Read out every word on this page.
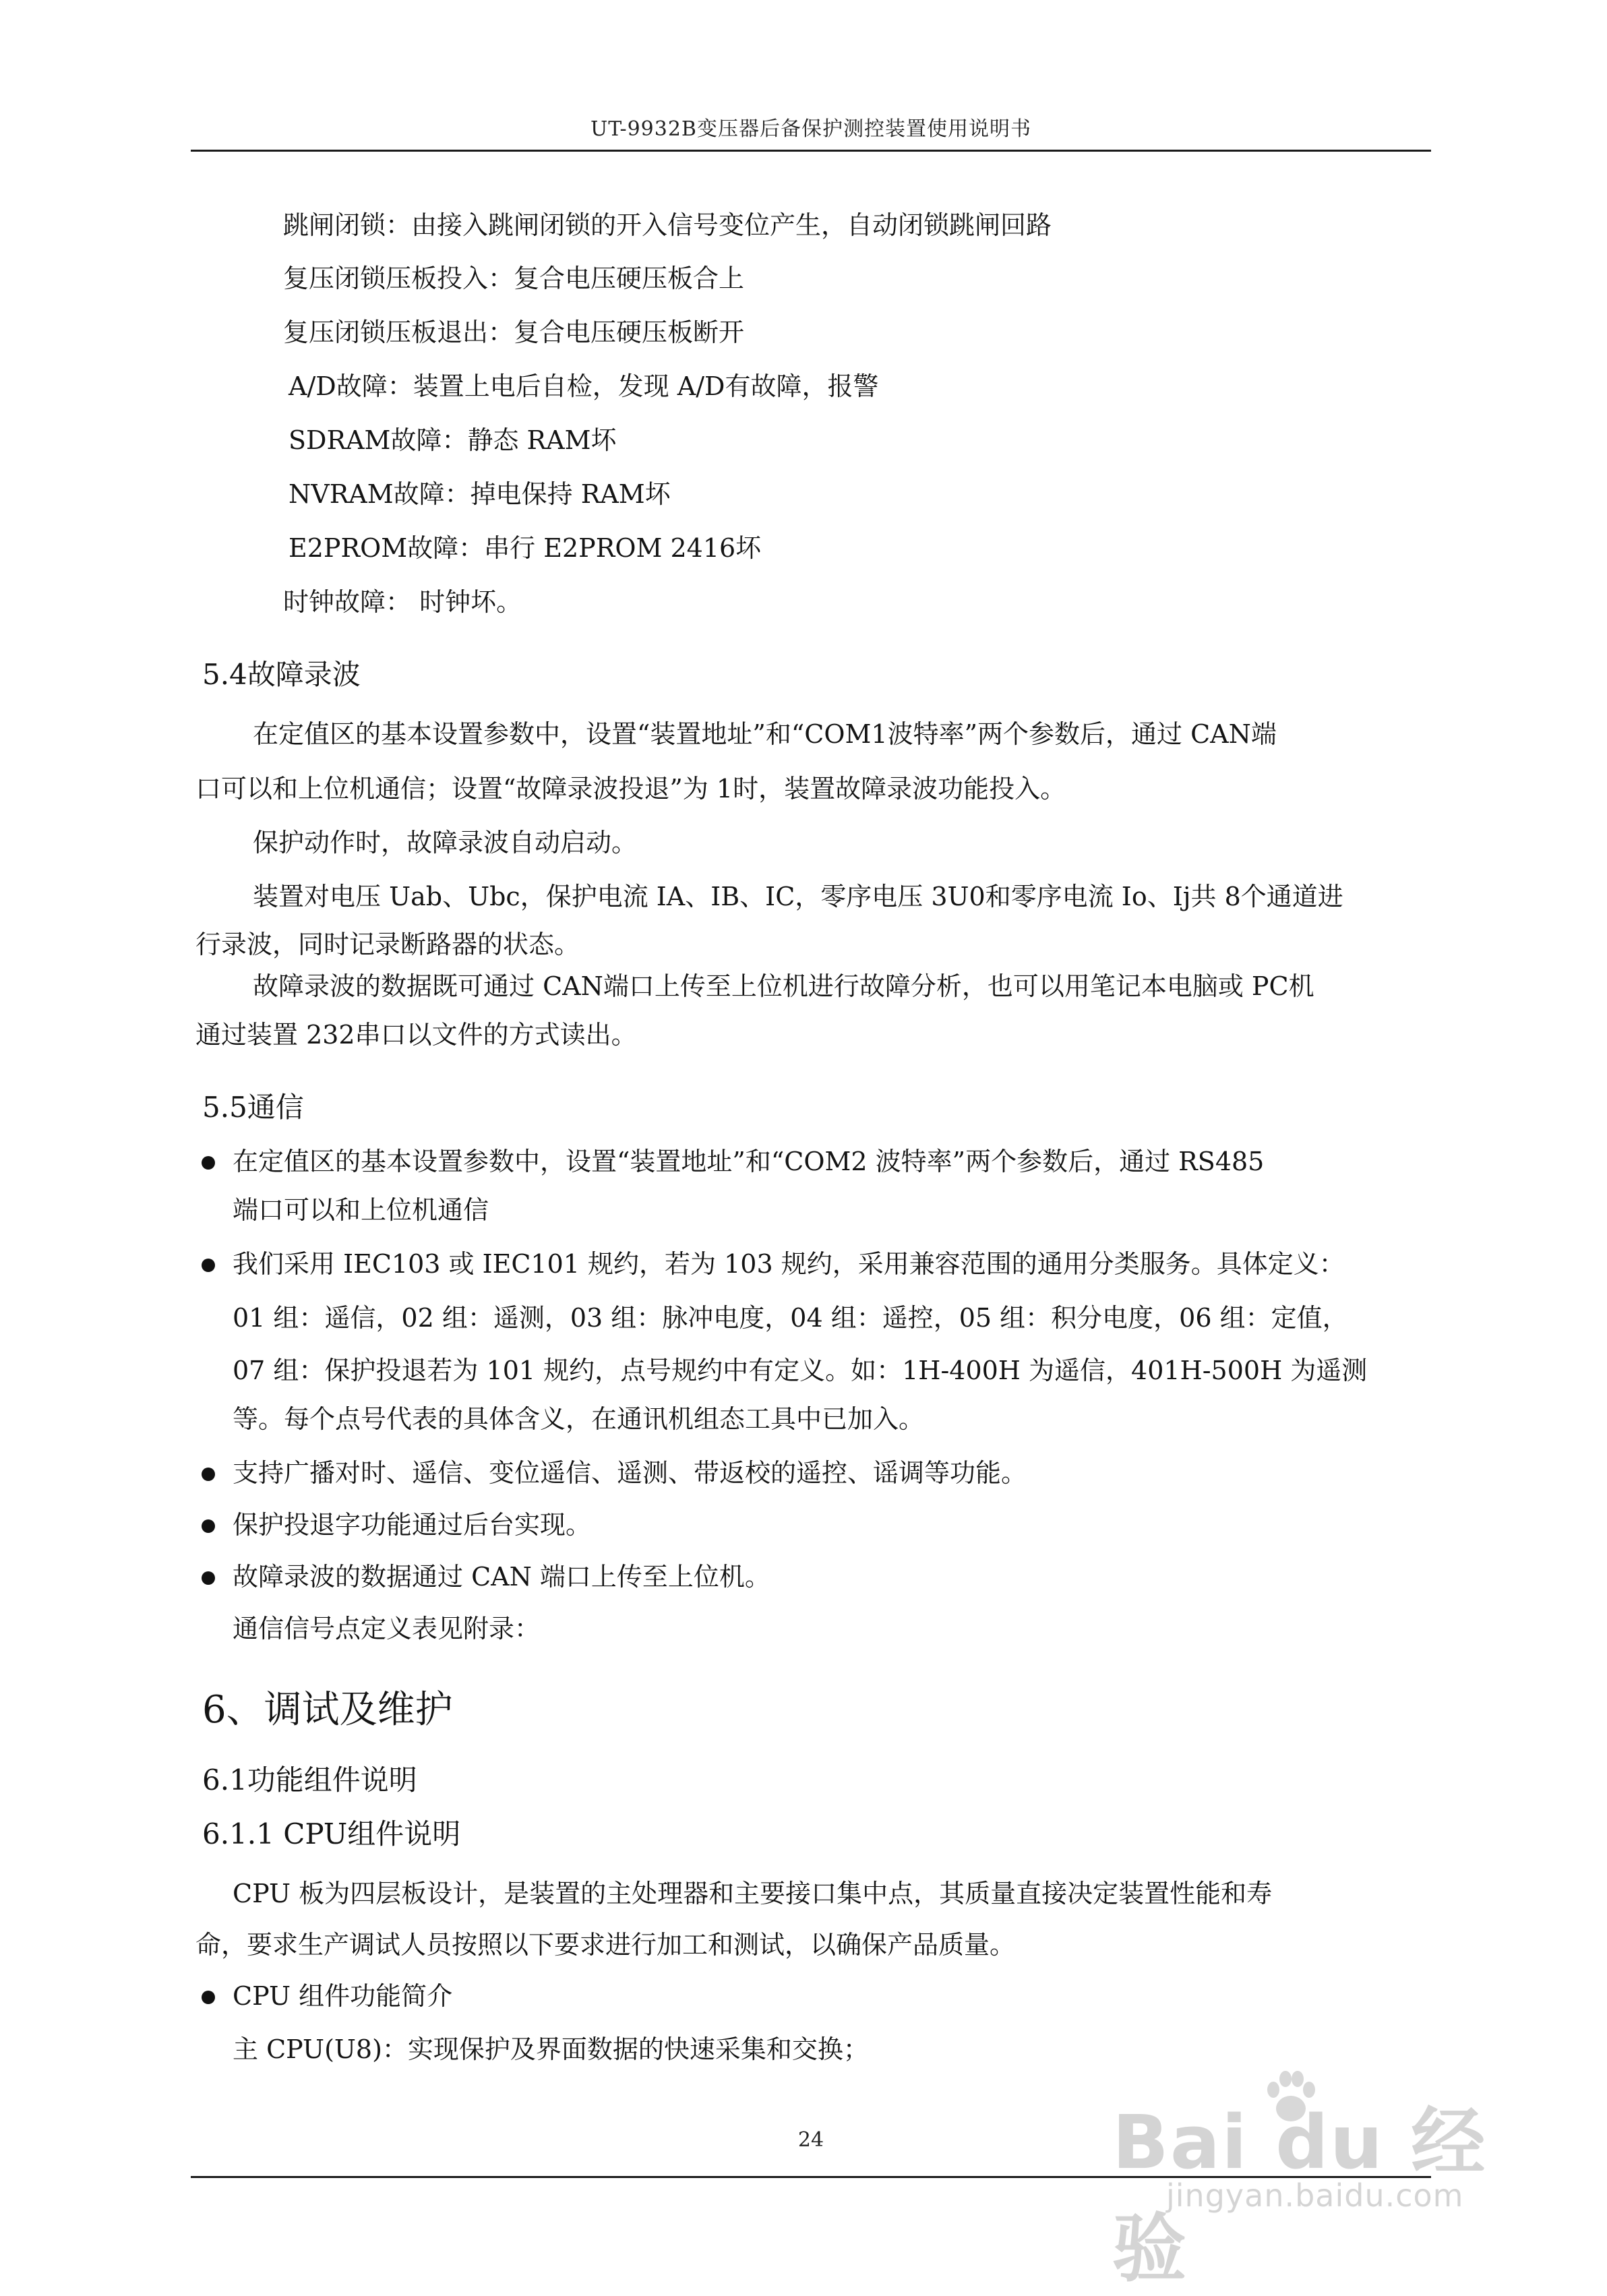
UT-9932B变压器后备保护测控装置使用说明书
跳闸闭锁：由接入跳闸闭锁的开入信号变位产生，自动闭锁跳闸回路
复压闭锁压板投入：复合电压硬压板合上
复压闭锁压板退出：复合电压硬压板断开
A/D故障：装置上电后自检，发现 A/D有故障，报警
SDRAM故障：静态 RAM坏
NVRAM故障：掉电保持 RAM坏
E2PROM故障：串行 E2PROM 2416坏
时钟故障： 时钟坏。
5.4故障录波
在定值区的基本设置参数中，设置“装置地址”和“COM1波特率”两个参数后，通过 CAN端
口可以和上位机通信；设置“故障录波投退”为 1时，装置故障录波功能投入。
保护动作时，故障录波自动启动。
装置对电压 Uab、Ubc，保护电流 IA、IB、IC，零序电压 3U0和零序电流 Io、Ij共 8个通道进
行录波，同时记录断路器的状态。
故障录波的数据既可通过 CAN端口上传至上位机进行故障分析，也可以用笔记本电脑或 PC机
通过装置 232串口以文件的方式读出。
5.5通信
在定值区的基本设置参数中，设置“装置地址”和“COM2 波特率”两个参数后，通过 RS485
端口可以和上位机通信
我们采用 IEC103 或 IEC101 规约，若为 103 规约，采用兼容范围的通用分类服务。具体定义：
01 组：遥信，02 组：遥测，03 组：脉冲电度，04 组：遥控，05 组：积分电度，06 组：定值，
07 组：保护投退若为 101 规约，点号规约中有定义。如：1H-400H 为遥信，401H-500H 为遥测
等。每个点号代表的具体含义，在通讯机组态工具中已加入。
支持广播对时、遥信、变位遥信、遥测、带返校的遥控、谣调等功能。
保护投退字功能通过后台实现。
故障录波的数据通过 CAN 端口上传至上位机。
通信信号点定义表见附录：
6、调试及维护
6.1功能组件说明
6.1.1 CPU组件说明
CPU 板为四层板设计，是装置的主处理器和主要接口集中点，其质量直接决定装置性能和寿
命，要求生产调试人员按照以下要求进行加工和测试，以确保产品质量。
CPU 组件功能简介
主 CPU(U8)：实现保护及界面数据的快速采集和交换；
24	Bai du 经验
jingyan.baidu.com
